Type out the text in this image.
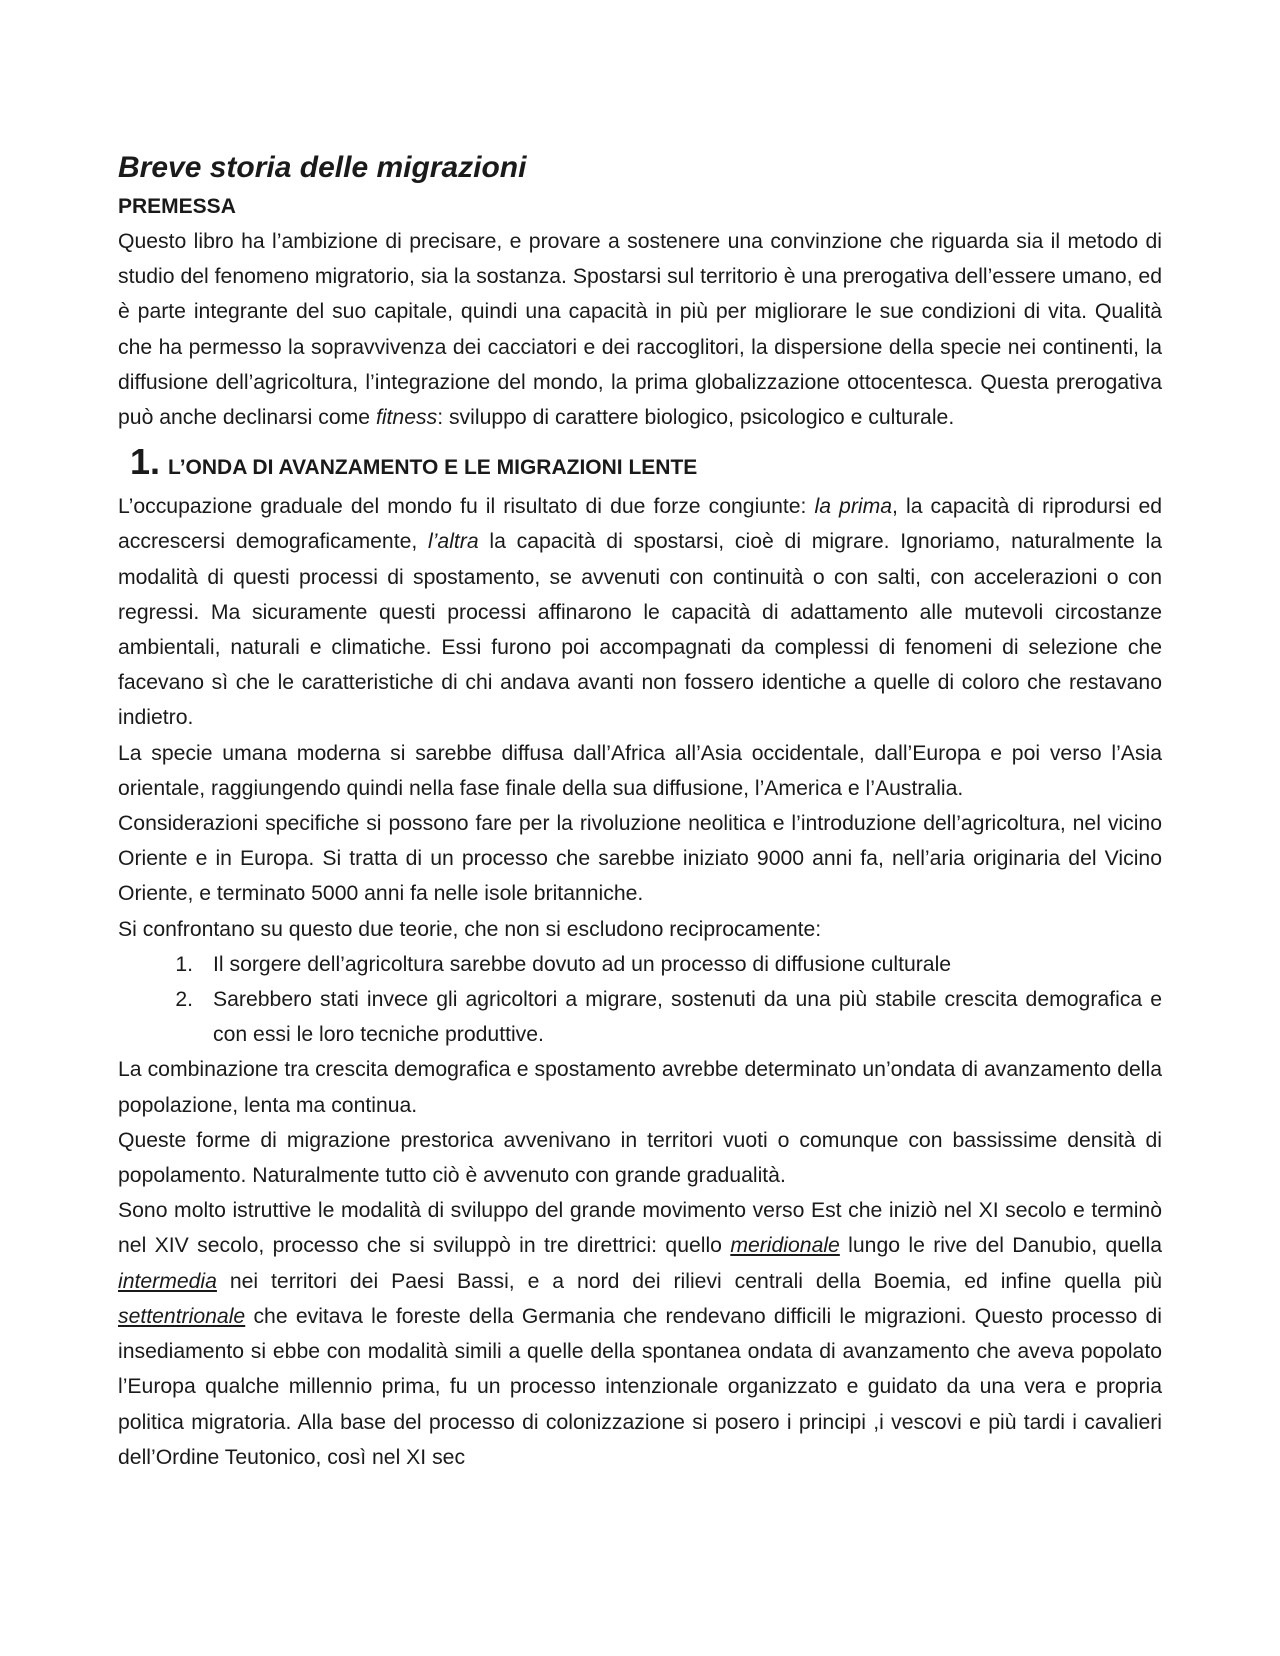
Breve storia delle migrazioni
PREMESSA

Questo libro ha l’ambizione di precisare, e provare a sostenere una convinzione che riguarda sia il metodo di studio del fenomeno migratorio, sia la sostanza. Spostarsi sul territorio è una prerogativa dell’essere umano, ed è parte integrante del suo capitale, quindi una capacità in più per migliorare le sue condizioni di vita. Qualità che ha permesso la sopravvivenza dei cacciatori e dei raccoglitori, la dispersione della specie nei continenti, la diffusione dell’agricoltura, l’integrazione del mondo, la prima globalizzazione ottocentesca. Questa prerogativa può anche declinarsi come fitness: sviluppo di carattere biologico, psicologico e culturale.

1. L’ONDA DI AVANZAMENTO E LE MIGRAZIONI LENTE

L’occupazione graduale del mondo fu il risultato di due forze congiunte: la prima, la capacità di riprodursi ed accrescersi demograficamente, l’altra la capacità di spostarsi, cioè di migrare. Ignoriamo, naturalmente la modalità di questi processi di spostamento, se avvenuti con continuità o con salti, con accelerazioni o con regressi. Ma sicuramente questi processi affinarono le capacità di adattamento alle mutevoli circostanze ambientali, naturali e climatiche. Essi furono poi accompagnati da complessi di fenomeni di selezione che facevano sì che le caratteristiche di chi andava avanti non fossero identiche a quelle di coloro che restavano indietro.

La specie umana moderna si sarebbe diffusa dall’Africa all’Asia occidentale, dall’Europa e poi verso l’Asia orientale, raggiungendo quindi nella fase finale della sua diffusione, l’America e l’Australia.

Considerazioni specifiche si possono fare per la rivoluzione neolitica e l’introduzione dell’agricoltura, nel vicino Oriente e in Europa. Si tratta di un processo che sarebbe iniziato 9000 anni fa, nell’aria originaria del Vicino Oriente, e terminato 5000 anni fa nelle isole britanniche.

Si confrontano su questo due teorie, che non si escludono reciprocamente:

1. Il sorgere dell’agricoltura sarebbe dovuto ad un processo di diffusione culturale
2. Sarebbero stati invece gli agricoltori a migrare, sostenuti da una più stabile crescita demografica e con essi le loro tecniche produttive.

La combinazione tra crescita demografica e spostamento avrebbe determinato un’ondata di avanzamento della popolazione, lenta ma continua.

Queste forme di migrazione prestorica avvenivano in territori vuoti o comunque con bassissime densità di popolamento. Naturalmente tutto ciò è avvenuto con grande gradualità.

Sono molto istruttive le modalità di sviluppo del grande movimento verso Est che iniziò nel XI secolo e terminò nel XIV secolo, processo che si sviluppò in tre direttrici: quello meridionale lungo le rive del Danubio, quella intermedia nei territori dei Paesi Bassi, e a nord dei rilievi centrali della Boemia, ed infine quella più settentrionale che evitava le foreste della Germania che rendevano difficili le migrazioni. Questo processo di insediamento si ebbe con modalità simili a quelle della spontanea ondata di avanzamento che aveva popolato l’Europa qualche millennio prima, fu un processo intenzionale organizzato e guidato da una vera e propria politica migratoria. Alla base del processo di colonizzazione si posero i principi ,i vescovi e più tardi i cavalieri dell’Ordine Teutonico, così nel XI sec
